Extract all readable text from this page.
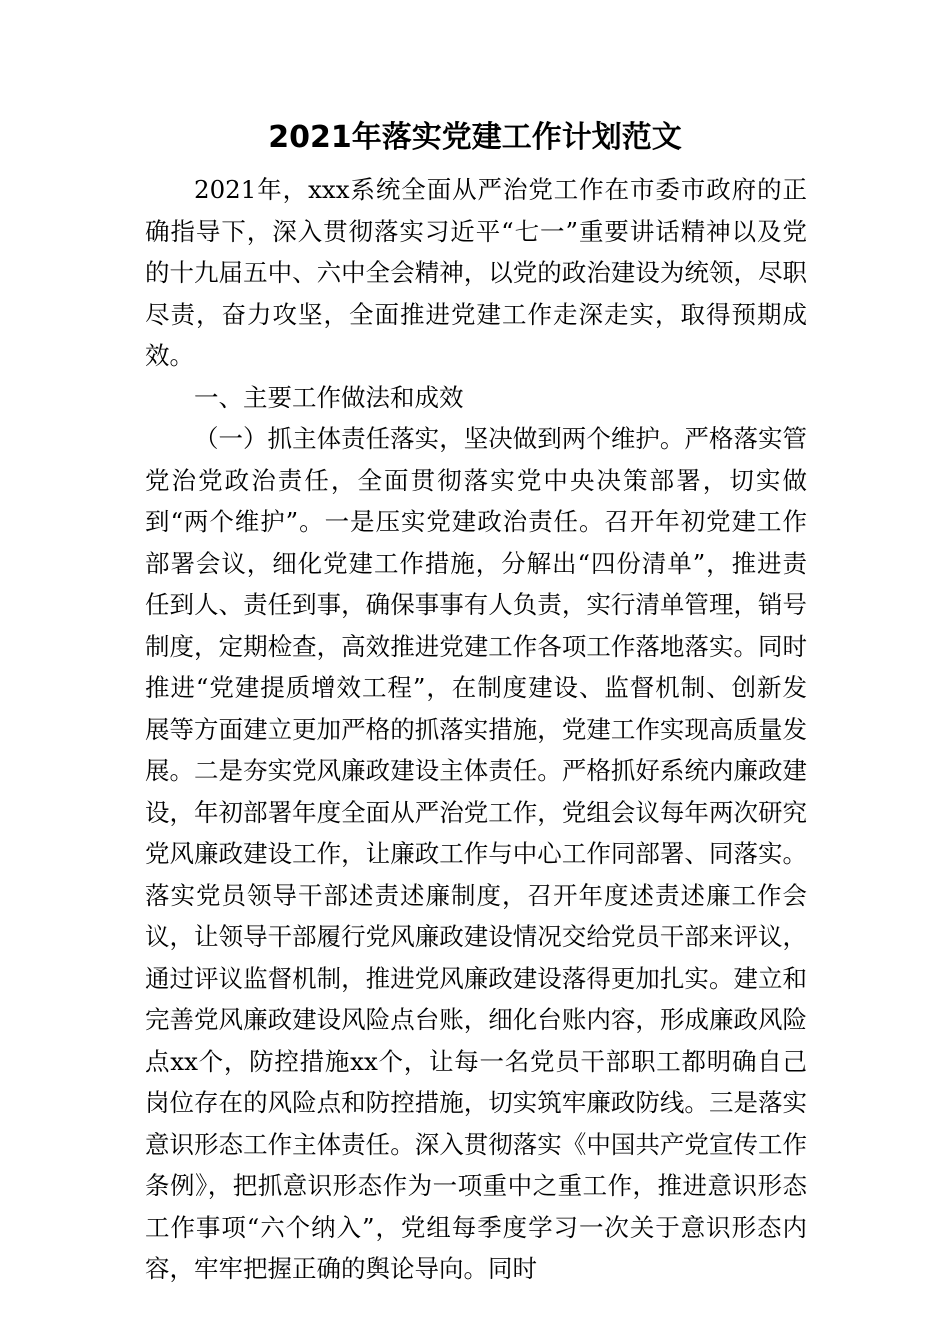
2021年落实党建工作计划范文

2021年，xxx系统全面从严治党工作在市委市政府的正确指导下，深入贯彻落实习近平“七一”重要讲话精神以及党的十九届五中、六中全会精神，以党的政治建设为统领，尽职尽责，奋力攻坚，全面推进党建工作走深走实，取得预期成效。

一、主要工作做法和成效

（一）抓主体责任落实，坚决做到两个维护。严格落实管党治党政治责任，全面贯彻落实党中央决策部署，切实做到“两个维护”。一是压实党建政治责任。召开年初党建工作部署会议，细化党建工作措施，分解出“四份清单”，推进责任到人、责任到事，确保事事有人负责，实行清单管理，销号制度，定期检查，高效推进党建工作各项工作落地落实。同时推进“党建提质增效工程”，在制度建设、监督机制、创新发展等方面建立更加严格的抓落实措施，党建工作实现高质量发展。二是夯实党风廉政建设主体责任。严格抓好系统内廉政建设，年初部署年度全面从严治党工作，党组会议每年两次研究党风廉政建设工作，让廉政工作与中心工作同部署、同落实。落实党员领导干部述责述廉制度，召开年度述责述廉工作会议，让领导干部履行党风廉政建设情况交给党员干部来评议，通过评议监督机制，推进党风廉政建设落得更加扎实。建立和完善党风廉政建设风险点台账，细化台账内容，形成廉政风险点xx个，防控措施xx个，让每一名党员干部职工都明确自己岗位存在的风险点和防控措施，切实筑牢廉政防线。三是落实意识形态工作主体责任。深入贯彻落实《中国共产党宣传工作条例》，把抓意识形态作为一项重中之重工作，推进意识形态工作事项“六个纳入”，党组每季度学习一次关于意识形态内容，牢牢把握正确的舆论导向。同时
